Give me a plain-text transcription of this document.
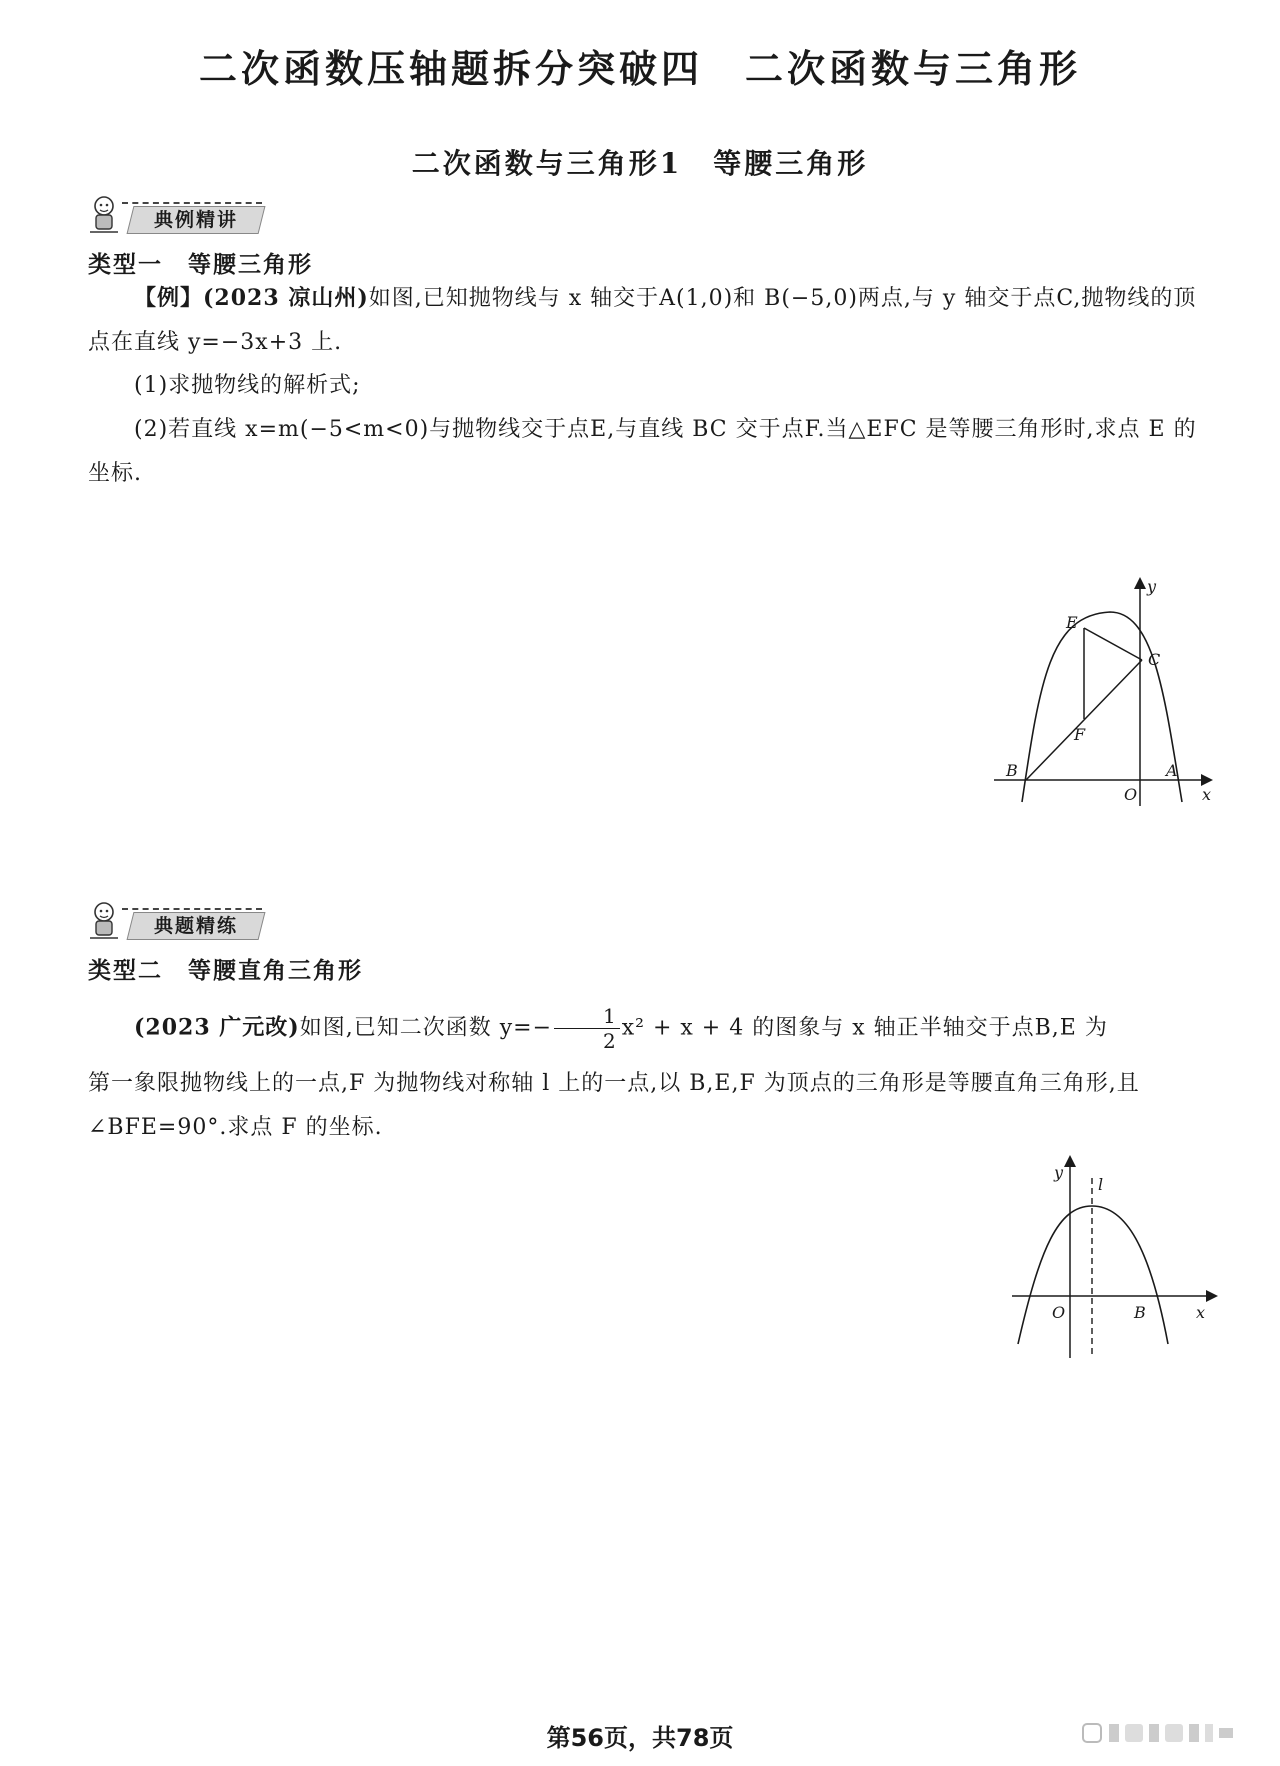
二次函数压轴题拆分突破四　二次函数与三角形
二次函数与三角形1　等腰三角形
典例精讲
类型一　等腰三角形
【例】(2023 凉山州)如图,已知抛物线与 x 轴交于A(1,0)和 B(−5,0)两点,与 y 轴交于点C,抛物线的顶点在直线 y=−3x+3 上.
(1)求抛物线的解析式;
(2)若直线 x=m(−5<m<0)与抛物线交于点E,与直线 BC 交于点F.当△EFC 是等腰三角形时,求点 E 的坐标.
y
E
C
F
B	A
O	x
典题精练
类型二　等腰直角三角形
(2023 广元改)如图,已知二次函数 $y=- \frac{1}{2} x^2 + x + 4$ 的图象与 x 轴正半轴交于点B,E 为
第一象限抛物线上的一点,F 为抛物线对称轴 l 上的一点,以 B,E,F 为顶点的三角形是等腰直角三角形,且∠BFE=90°.求点 F 的坐标.
y
l
O	B	x
第56页，共78页
